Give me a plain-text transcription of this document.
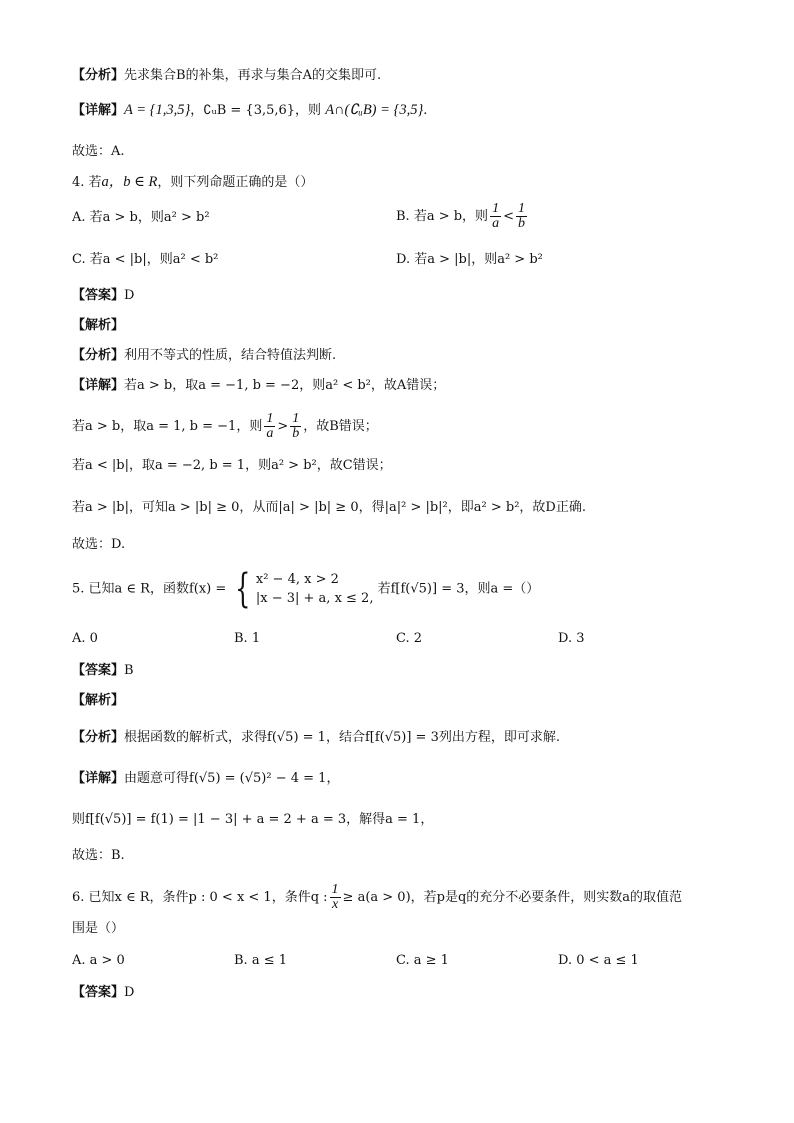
【分析】先求集合B的补集，再求与集合A的交集即可.
【详解】A = {1,3,5}，∁ᵤB = {3,5,6}，则 A∩(∁ᵤB) = {3,5}.
故选：A.
4. 若a，b ∈ R，则下列命题正确的是（）
A. 若a > b，则a² > b²	B. 若a > b，则 $\frac{1}{a} < \frac{1}{b}$
C. 若a < |b|，则a² < b²	D. 若a > |b|，则a² > b²
【答案】D
【解析】
【分析】利用不等式的性质，结合特值法判断.
【详解】若a > b，取a = −1, b = −2，则a² < b²，故A错误；
若a > b，取a = 1, b = −1，则 $\frac{1}{a} > \frac{1}{b}$ ，故B错误；
若a < |b|，取a = −2, b = 1，则a² > b²，故C错误；
若a > |b|，可知a > |b| ≥ 0，从而|a| > |b| ≥ 0，得|a|² > |b|²，即a² > b²，故D正确.
故选：D.
5. 已知a ∈ R，函数f(x) = { x² − 4, x > 2
|x − 3| + a, x ≤ 2,
若f[f(√5)] = 3，则a =（）
A. 0	B. 1	C. 2	D. 3
【答案】B
【解析】
【分析】根据函数的解析式，求得f(√5) = 1，结合f[f(√5)] = 3列出方程，即可求解.
【详解】由题意可得f(√5) = (√5)² − 4 = 1，
则f[f(√5)] = f(1) = |1 − 3| + a = 2 + a = 3，解得a = 1，
故选：B.
6. 已知x ∈ R，条件p : 0 < x < 1，条件q : $\frac{1}{x} \ge a(a > 0)$，若p是q的充分不必要条件，则实数a的取值范
围是（）
A. a > 0	B. a ≤ 1	C. a ≥ 1	D. 0 < a ≤ 1
【答案】D
